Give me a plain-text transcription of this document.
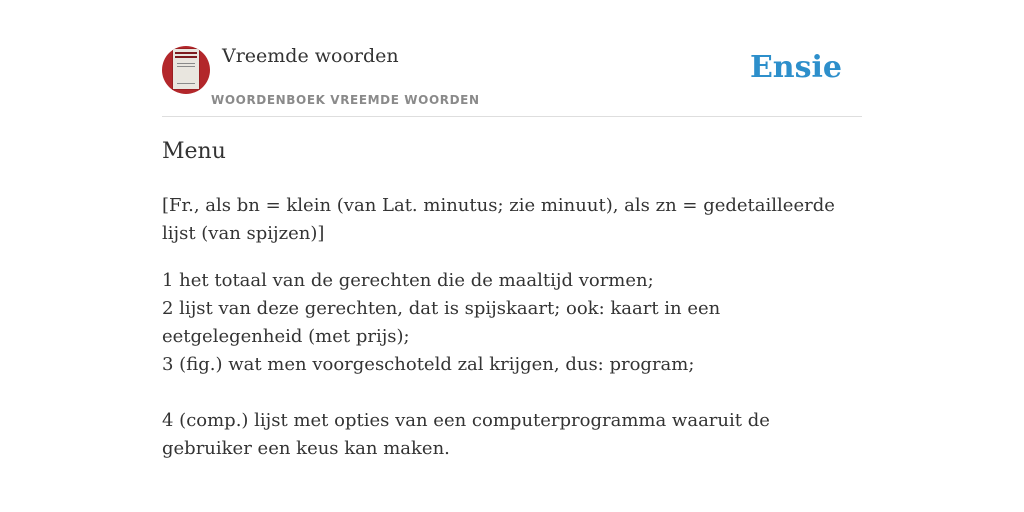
Vreemde woorden
WOORDENBOEK VREEMDE WOORDEN
Ensie
Menu

[Fr., als bn = klein (van Lat. minutus; zie minuut), als zn = gedetailleerde lijst (van spijzen)]

1 het totaal van de gerechten die de maaltijd vormen;
2 lijst van deze gerechten, dat is spijskaart; ook: kaart in een eetgelegenheid (met prijs);
3 (fig.) wat men voorgeschoteld zal krijgen, dus: program;
4 (comp.) lijst met opties van een computerprogramma waaruit de gebruiker een keus kan maken.
